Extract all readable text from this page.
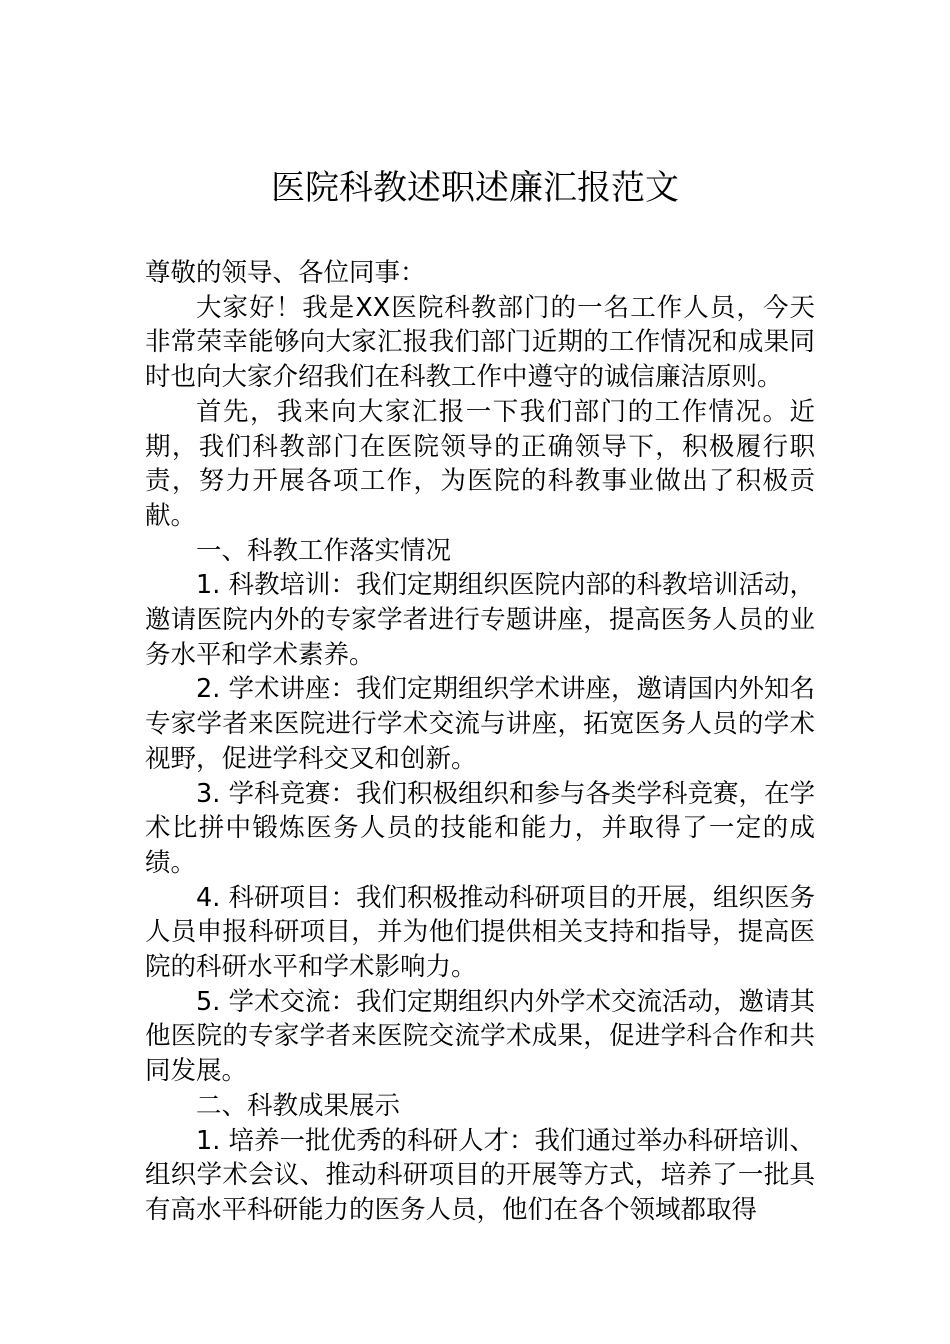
医院科教述职述廉汇报范文

尊敬的领导、各位同事：

大家好！我是XX医院科教部门的一名工作人员，今天非常荣幸能够向大家汇报我们部门近期的工作情况和成果同时也向大家介绍我们在科教工作中遵守的诚信廉洁原则。

首先，我来向大家汇报一下我们部门的工作情况。近期，我们科教部门在医院领导的正确领导下，积极履行职责，努力开展各项工作，为医院的科教事业做出了积极贡献。

一、科教工作落实情况

1. 科教培训：我们定期组织医院内部的科教培训活动，邀请医院内外的专家学者进行专题讲座，提高医务人员的业务水平和学术素养。

2. 学术讲座：我们定期组织学术讲座，邀请国内外知名专家学者来医院进行学术交流与讲座，拓宽医务人员的学术视野，促进学科交叉和创新。

3. 学科竞赛：我们积极组织和参与各类学科竞赛，在学术比拼中锻炼医务人员的技能和能力，并取得了一定的成绩。

4. 科研项目：我们积极推动科研项目的开展，组织医务人员申报科研项目，并为他们提供相关支持和指导，提高医院的科研水平和学术影响力。

5. 学术交流：我们定期组织内外学术交流活动，邀请其他医院的专家学者来医院交流学术成果，促进学科合作和共同发展。

二、科教成果展示

1. 培养一批优秀的科研人才：我们通过举办科研培训、组织学术会议、推动科研项目的开展等方式，培养了一批具有高水平科研能力的医务人员，他们在各个领域都取得
